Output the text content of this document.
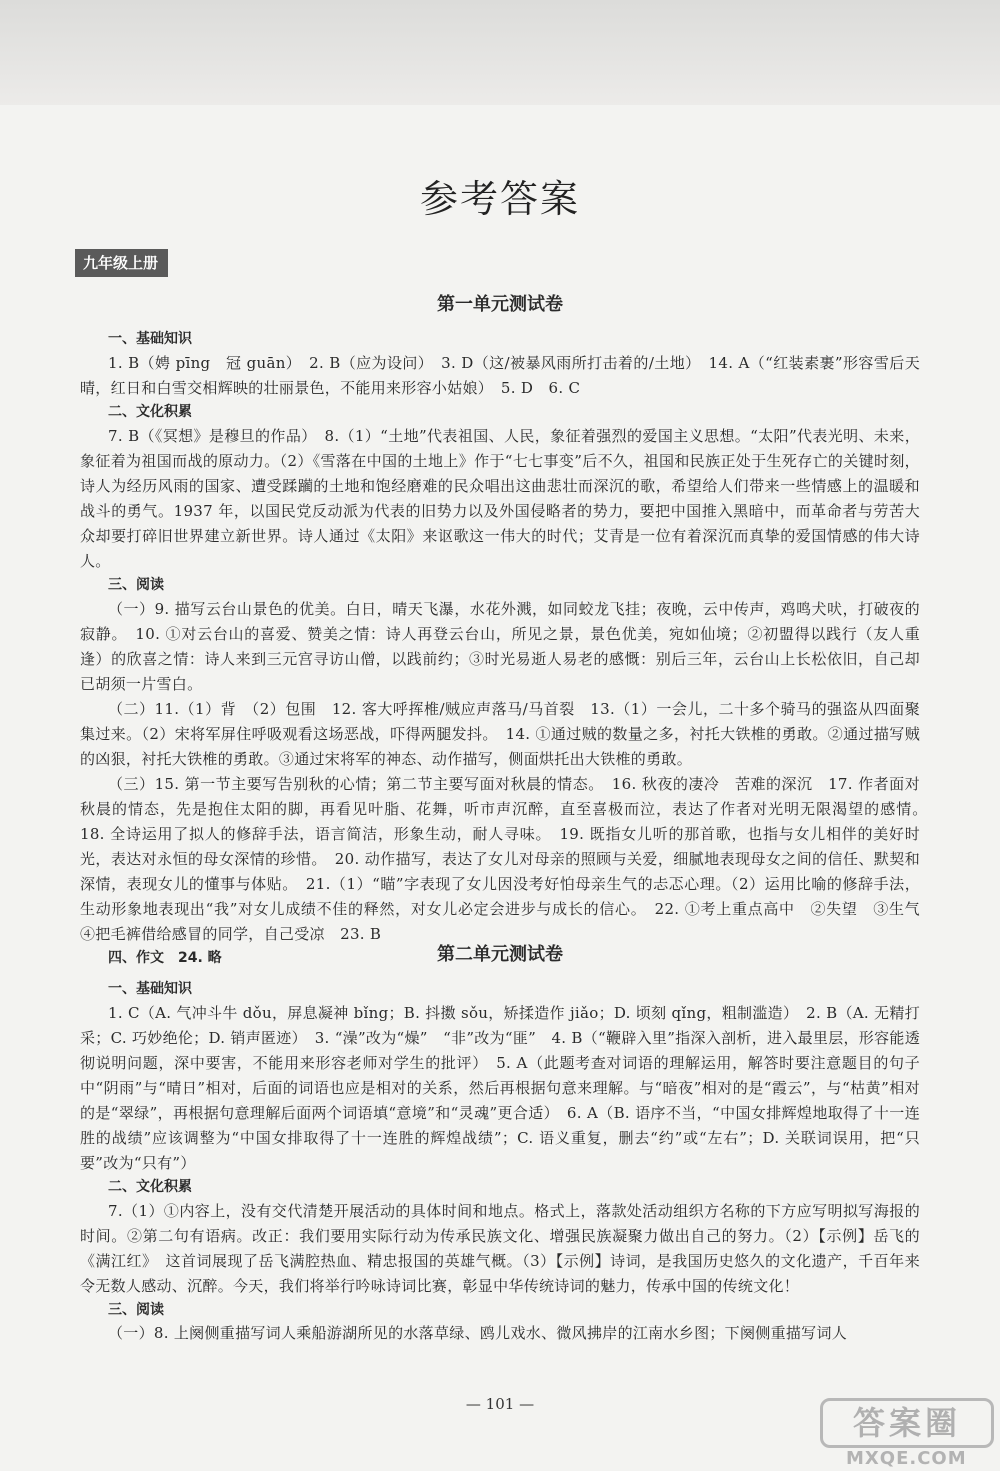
参考答案
九年级上册
第一单元测试卷

一、基础知识

1. B（娉 pīng　冠 guān）　2. B（应为设问）　3. D（这/被暴风雨所打击着的/土地）　14. A（“红装素裹”形容雪后天晴，红日和白雪交相辉映的壮丽景色，不能用来形容小姑娘）　5. D　6. C

二、文化积累

7. B（《冥想》是穆旦的作品）　8.（1）“土地”代表祖国、人民，象征着强烈的爱国主义思想。“太阳”代表光明、未来，象征着为祖国而战的原动力。（2）《雪落在中国的土地上》作于“七七事变”后不久，祖国和民族正处于生死存亡的关键时刻，诗人为经历风雨的国家、遭受蹂躏的土地和饱经磨难的民众唱出这曲悲壮而深沉的歌，希望给人们带来一些情感上的温暖和战斗的勇气。1937 年，以国民党反动派为代表的旧势力以及外国侵略者的势力，要把中国推入黑暗中，而革命者与劳苦大众却要打碎旧世界建立新世界。诗人通过《太阳》来讴歌这一伟大的时代；艾青是一位有着深沉而真挚的爱国情感的伟大诗人。

三、阅读

（一）9. 描写云台山景色的优美。白日，晴天飞瀑，水花外溅，如同蛟龙飞挂；夜晚，云中传声，鸡鸣犬吠，打破夜的寂静。　10. ①对云台山的喜爱、赞美之情：诗人再登云台山，所见之景，景色优美，宛如仙境；②初盟得以践行（友人重逢）的欣喜之情：诗人来到三元宫寻访山僧，以践前约；③时光易逝人易老的感慨：别后三年，云台山上长松依旧，自己却已胡须一片雪白。

（二）11.（1）背　（2）包围　12. 客大呼挥椎/贼应声落马/马首裂　13.（1）一会儿，二十多个骑马的强盗从四面聚集过来。（2）宋将军屏住呼吸观看这场恶战，吓得两腿发抖。　14. ①通过贼的数量之多，衬托大铁椎的勇敢。②通过描写贼的凶狠，衬托大铁椎的勇敢。③通过宋将军的神态、动作描写，侧面烘托出大铁椎的勇敢。

（三）15. 第一节主要写告别秋的心情；第二节主要写面对秋晨的情态。　16. 秋夜的凄冷　苦难的深沉　17. 作者面对秋晨的情态，先是抱住太阳的脚，再看见叶脂、花舞，听市声沉醉，直至喜极而泣，表达了作者对光明无限渴望的感情。　18. 全诗运用了拟人的修辞手法，语言简洁，形象生动，耐人寻味。　19. 既指女儿听的那首歌，也指与女儿相伴的美好时光，表达对永恒的母女深情的珍惜。　20. 动作描写，表达了女儿对母亲的照顾与关爱，细腻地表现母女之间的信任、默契和深情，表现女儿的懂事与体贴。　21.（1）“瞄”字表现了女儿因没考好怕母亲生气的忐忑心理。（2）运用比喻的修辞手法，生动形象地表现出“我”对女儿成绩不佳的释然，对女儿必定会进步与成长的信心。　22. ①考上重点高中　②失望　③生气　④把毛裤借给感冒的同学，自己受凉　23. B

四、作文　24. 略	第二单元测试卷

一、基础知识

1. C（A. 气冲斗牛 dǒu，屏息凝神 bǐng；B. 抖擞 sǒu，矫揉造作 jiǎo；D. 顷刻 qǐng，粗制滥造）　2. B（A. 无精打采；C. 巧妙绝伦；D. 销声匿迹）　3. “澡”改为“燥”　“非”改为“匪”　4. B（“鞭辟入里”指深入剖析，进入最里层，形容能透彻说明问题，深中要害，不能用来形容老师对学生的批评）　5. A（此题考查对词语的理解运用，解答时要注意题目的句子中“阴雨”与“晴日”相对，后面的词语也应是相对的关系，然后再根据句意来理解。与“暗夜”相对的是“霞云”，与“枯黄”相对的是“翠绿”，再根据句意理解后面两个词语填“意境”和“灵魂”更合适）　6. A（B. 语序不当，“中国女排辉煌地取得了十一连胜的战绩”应该调整为“中国女排取得了十一连胜的辉煌战绩”；C. 语义重复，删去“约”或“左右”；D. 关联词误用，把“只要”改为“只有”）

二、文化积累

7.（1）①内容上，没有交代清楚开展活动的具体时间和地点。格式上，落款处活动组织方名称的下方应写明拟写海报的时间。②第二句有语病。改正：我们要用实际行动为传承民族文化、增强民族凝聚力做出自己的努力。（2）【示例】岳飞的《满江红》　这首词展现了岳飞满腔热血、精忠报国的英雄气概。（3）【示例】诗词，是我国历史悠久的文化遗产，千百年来令无数人感动、沉醉。今天，我们将举行吟咏诗词比赛，彰显中华传统诗词的魅力，传承中国的传统文化！

三、阅读

（一）8. 上阕侧重描写词人乘船游湖所见的水落草绿、鸥儿戏水、微风拂岸的江南水乡图；下阕侧重描写词人

— 101 —	答案圈
MXQE.COM
